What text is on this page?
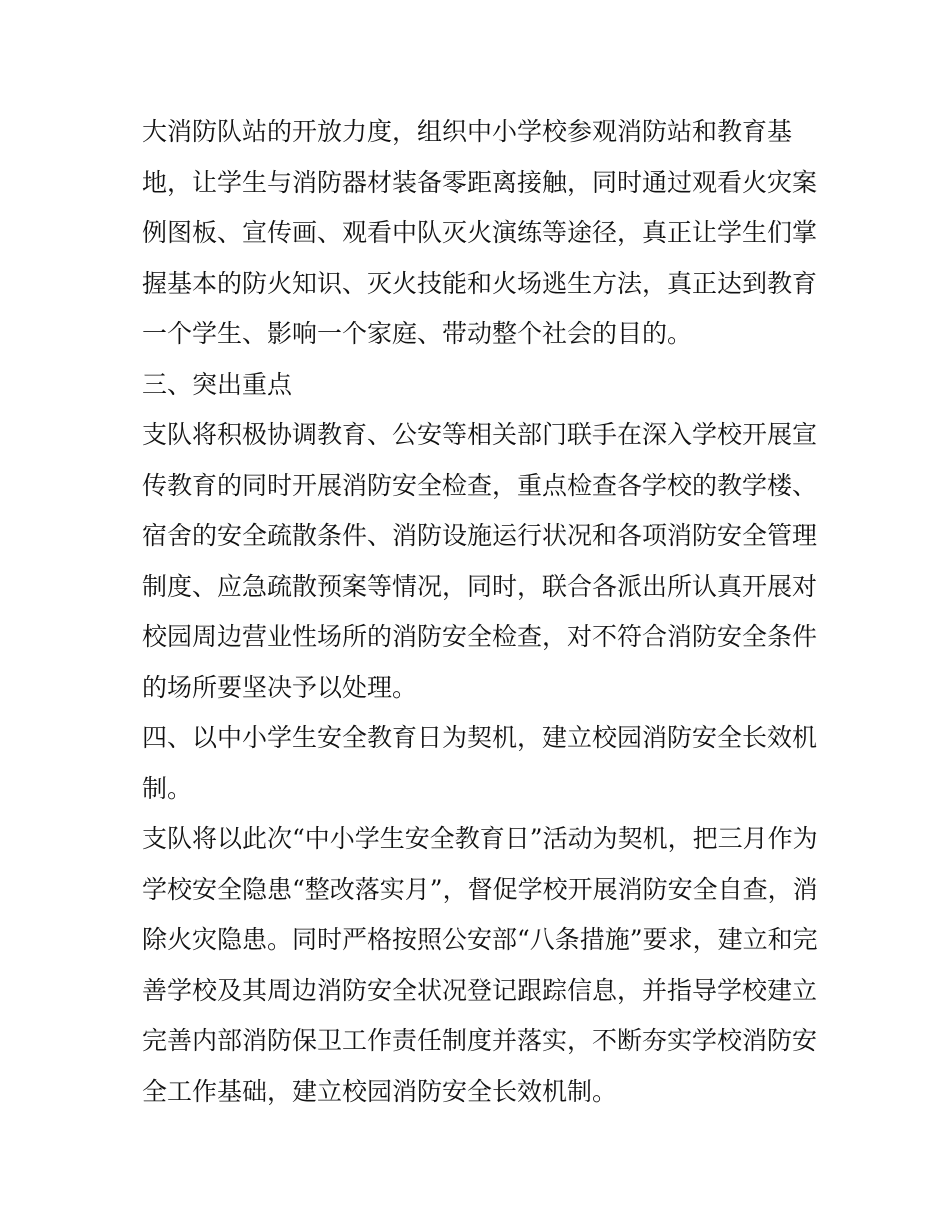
大消防队站的开放力度，组织中小学校参观消防站和教育基
地，让学生与消防器材装备零距离接触，同时通过观看火灾案
例图板、宣传画、观看中队灭火演练等途径，真正让学生们掌
握基本的防火知识、灭火技能和火场逃生方法，真正达到教育
一个学生、影响一个家庭、带动整个社会的目的。
三、突出重点
支队将积极协调教育、公安等相关部门联手在深入学校开展宣
传教育的同时开展消防安全检查，重点检查各学校的教学楼、
宿舍的安全疏散条件、消防设施运行状况和各项消防安全管理
制度、应急疏散预案等情况，同时，联合各派出所认真开展对
校园周边营业性场所的消防安全检查，对不符合消防安全条件
的场所要坚决予以处理。
四、以中小学生安全教育日为契机，建立校园消防安全长效机
制。
支队将以此次“中小学生安全教育日”活动为契机，把三月作为
学校安全隐患“整改落实月”，督促学校开展消防安全自查，消
除火灾隐患。同时严格按照公安部“八条措施”要求，建立和完
善学校及其周边消防安全状况登记跟踪信息，并指导学校建立
完善内部消防保卫工作责任制度并落实，不断夯实学校消防安
全工作基础，建立校园消防安全长效机制。
